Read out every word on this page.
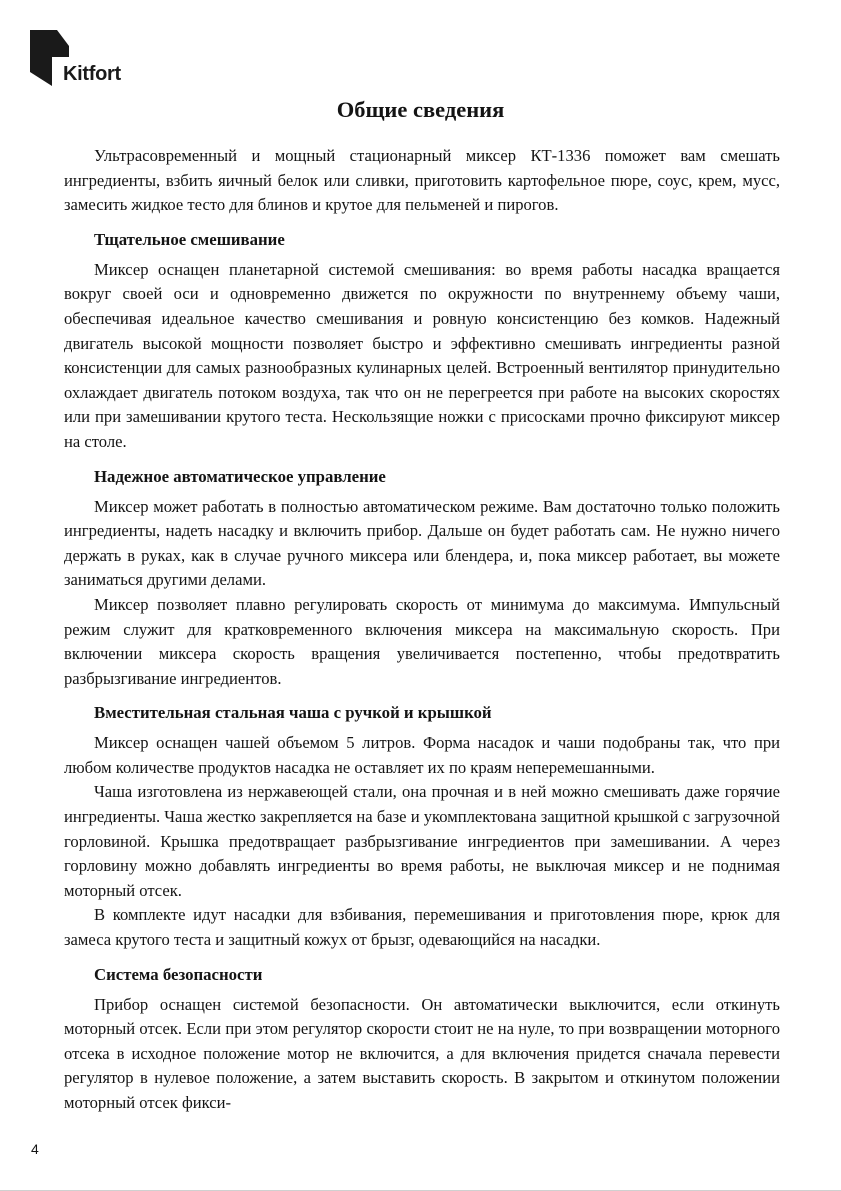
Kitfort
Общие сведения

Ультрасовременный и мощный стационарный миксер КТ-1336 поможет вам смешать ингредиенты, взбить яичный белок или сливки, приготовить картофельное пюре, соус, крем, мусс, замесить жидкое тесто для блинов и крутое для пельменей и пирогов.

Тщательное смешивание

Миксер оснащен планетарной системой смешивания: во время работы насадка вращается вокруг своей оси и одновременно движется по окружности по внутреннему объему чаши, обеспечивая идеальное качество смешивания и ровную консистенцию без комков. Надежный двигатель высокой мощности позволяет быстро и эффективно смешивать ингредиенты разной консистенции для самых разнообразных кулинарных целей. Встроенный вентилятор принудительно охлаждает двигатель потоком воздуха, так что он не перегреется при работе на высоких скоростях или при замешивании крутого теста. Нескользящие ножки с присосками прочно фиксируют миксер на столе.

Надежное автоматическое управление

Миксер может работать в полностью автоматическом режиме. Вам достаточно только положить ингредиенты, надеть насадку и включить прибор. Дальше он будет работать сам. Не нужно ничего держать в руках, как в случае ручного миксера или блендера, и, пока миксер работает, вы можете заниматься другими делами.

Миксер позволяет плавно регулировать скорость от минимума до максимума. Импульсный режим служит для кратковременного включения миксера на максимальную скорость. При включении миксера скорость вращения увеличивается постепенно, чтобы предотвратить разбрызгивание ингредиентов.

Вместительная стальная чаша с ручкой и крышкой

Миксер оснащен чашей объемом 5 литров. Форма насадок и чаши подобраны так, что при любом количестве продуктов насадка не оставляет их по краям неперемешанными.

Чаша изготовлена из нержавеющей стали, она прочная и в ней можно смешивать даже горячие ингредиенты. Чаша жестко закрепляется на базе и укомплектована защитной крышкой с загрузочной горловиной. Крышка предотвращает разбрызгивание ингредиентов при замешивании. А через горловину можно добавлять ингредиенты во время работы, не выключая миксер и не поднимая моторный отсек.

В комплекте идут насадки для взбивания, перемешивания и приготовления пюре, крюк для замеса крутого теста и защитный кожух от брызг, одевающийся на насадки.

Система безопасности

Прибор оснащен системой безопасности. Он автоматически выключится, если откинуть моторный отсек. Если при этом регулятор скорости стоит не на нуле, то при возвращении моторного отсека в исходное положение мотор не включится, а для включения придется сначала перевести регулятор в нулевое положение, а затем выставить скорость. В закрытом и откинутом положении моторный отсек фикси-

4
